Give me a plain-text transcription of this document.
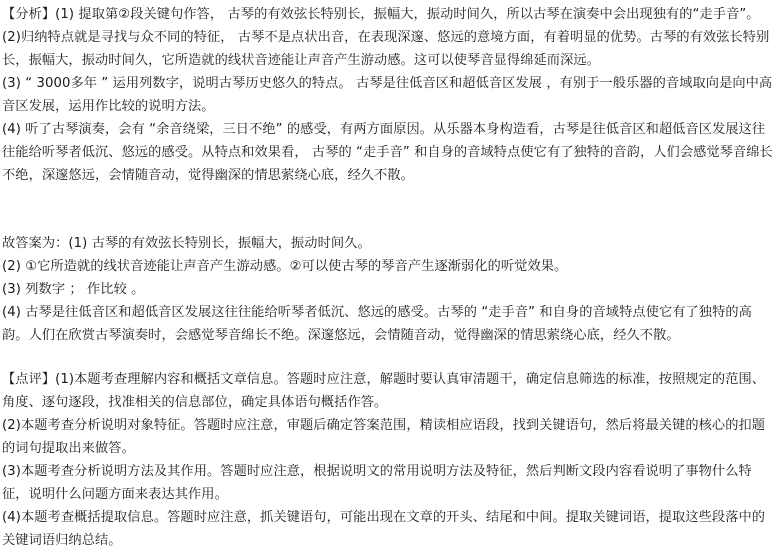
【分析】(1) 提取第②段关键句作答， 古琴的有效弦长特别长，振幅大，振动时间久，所以古琴在演奏中会出现独有的“走手音”。

(2)归纳特点就是寻找与众不同的特征， 古琴不是点状出音，在表现深邃、悠远的意境方面，有着明显的优势。古琴的有效弦长特别长，振幅大，振动时间久，它所造就的线状音迹能让声音产生游动感。这可以使琴音显得绵延而深远。

(3) “ 3000多年 ” 运用列数字，说明古琴历史悠久的特点。 古琴是往低音区和超低音区发展 ，有别于一般乐器的音域取向是向中高音区发展，运用作比较的说明方法。

(4) 听了古琴演奏，会有 “余音绕梁，三日不绝” 的感受，有两方面原因。从乐器本身构造看，古琴是往低音区和超低音区发展这往往能给听琴者低沉、悠远的感受。从特点和效果看， 古琴的 “走手音” 和自身的音域特点使它有了独特的音韵，人们会感觉琴音绵长不绝，深邃悠远，会情随音动，觉得幽深的情思萦绕心底，经久不散。

故答案为：(1) 古琴的有效弦长特别长，振幅大，振动时间久。

(2) ①它所造就的线状音迹能让声音产生游动感。②可以使古琴的琴音产生逐渐弱化的听觉效果。

(3) 列数字 ； 作比较 。

(4) 古琴是往低音区和超低音区发展这往往能给听琴者低沉、悠远的感受。古琴的 “走手音” 和自身的音域特点使它有了独特的高韵。人们在欣赏古琴演奏时，会感觉琴音绵长不绝。深邃悠远，会情随音动，觉得幽深的情思萦绕心底，经久不散。

【点评】(1)本题考查理解内容和概括文章信息。答题时应注意，解题时要认真审清题干，确定信息筛选的标准，按照规定的范围、角度、逐句逐段，找准相关的信息部位，确定具体语句概括作答。

(2)本题考查分析说明对象特征。答题时应注意，审题后确定答案范围，精读相应语段，找到关键语句，然后将最关键的核心的扣题的词句提取出来做答。

(3)本题考查分析说明方法及其作用。答题时应注意，根据说明文的常用说明方法及特征，然后判断文段内容看说明了事物什么特征，说明什么问题方面来表达其作用。

(4)本题考查概括提取信息。答题时应注意，抓关键语句，可能出现在文章的开头、结尾和中间。提取关键词语，提取这些段落中的关键词语归纳总结。
